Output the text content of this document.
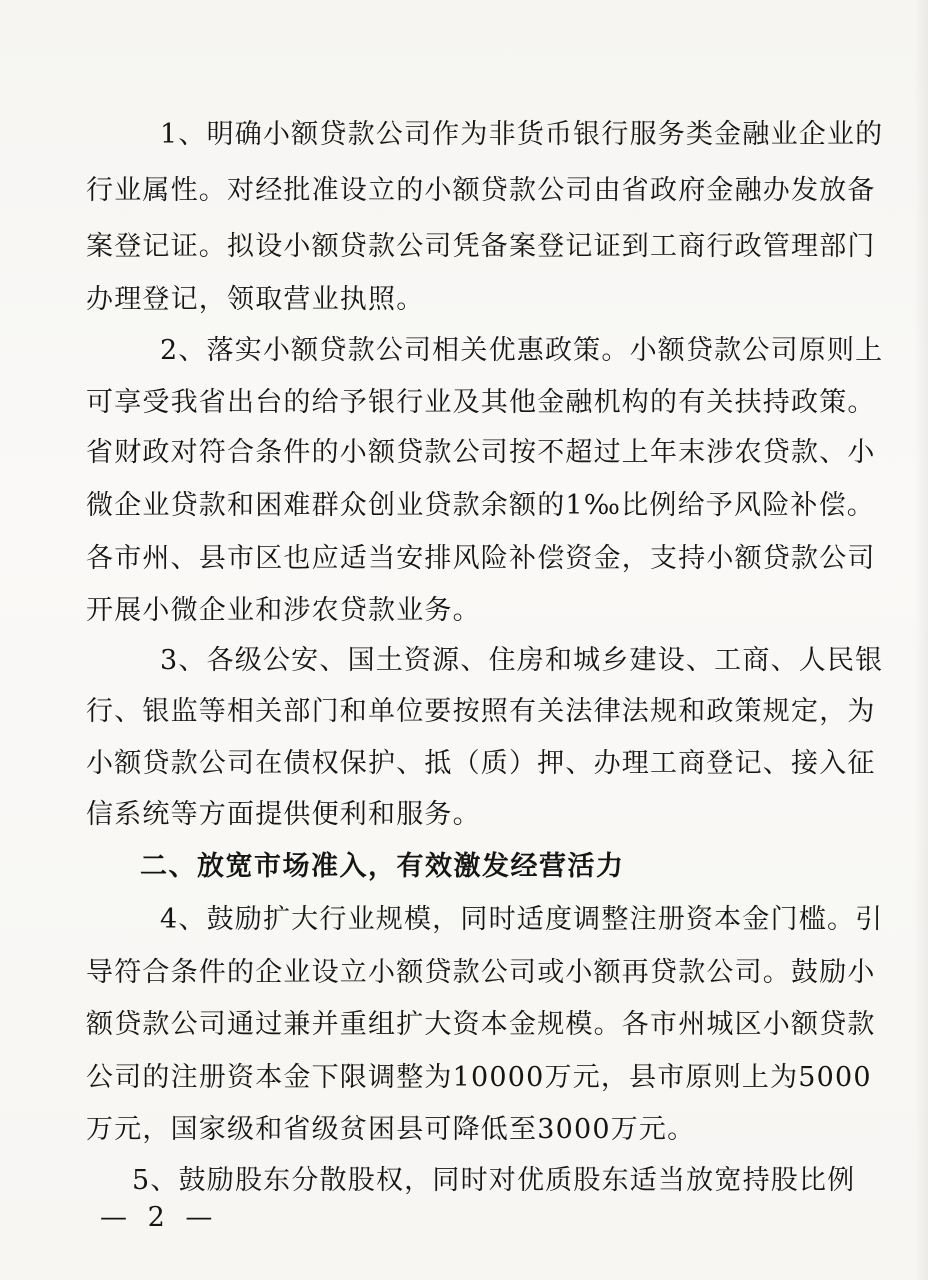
1、明确小额贷款公司作为非货币银行服务类金融业企业的
行业属性。对经批准设立的小额贷款公司由省政府金融办发放备
案登记证。拟设小额贷款公司凭备案登记证到工商行政管理部门
办理登记，领取营业执照。
2、落实小额贷款公司相关优惠政策。小额贷款公司原则上
可享受我省出台的给予银行业及其他金融机构的有关扶持政策。
省财政对符合条件的小额贷款公司按不超过上年末涉农贷款、小
微企业贷款和困难群众创业贷款余额的1‰比例给予风险补偿。
各市州、县市区也应适当安排风险补偿资金，支持小额贷款公司
开展小微企业和涉农贷款业务。
3、各级公安、国土资源、住房和城乡建设、工商、人民银
行、银监等相关部门和单位要按照有关法律法规和政策规定，为
小额贷款公司在债权保护、抵（质）押、办理工商登记、接入征
信系统等方面提供便利和服务。
二、放宽市场准入，有效激发经营活力
4、鼓励扩大行业规模，同时适度调整注册资本金门槛。引
导符合条件的企业设立小额贷款公司或小额再贷款公司。鼓励小
额贷款公司通过兼并重组扩大资本金规模。各市州城区小额贷款
公司的注册资本金下限调整为10000万元，县市原则上为5000
万元，国家级和省级贫困县可降低至3000万元。
5、鼓励股东分散股权，同时对优质股东适当放宽持股比例
— 2 —
